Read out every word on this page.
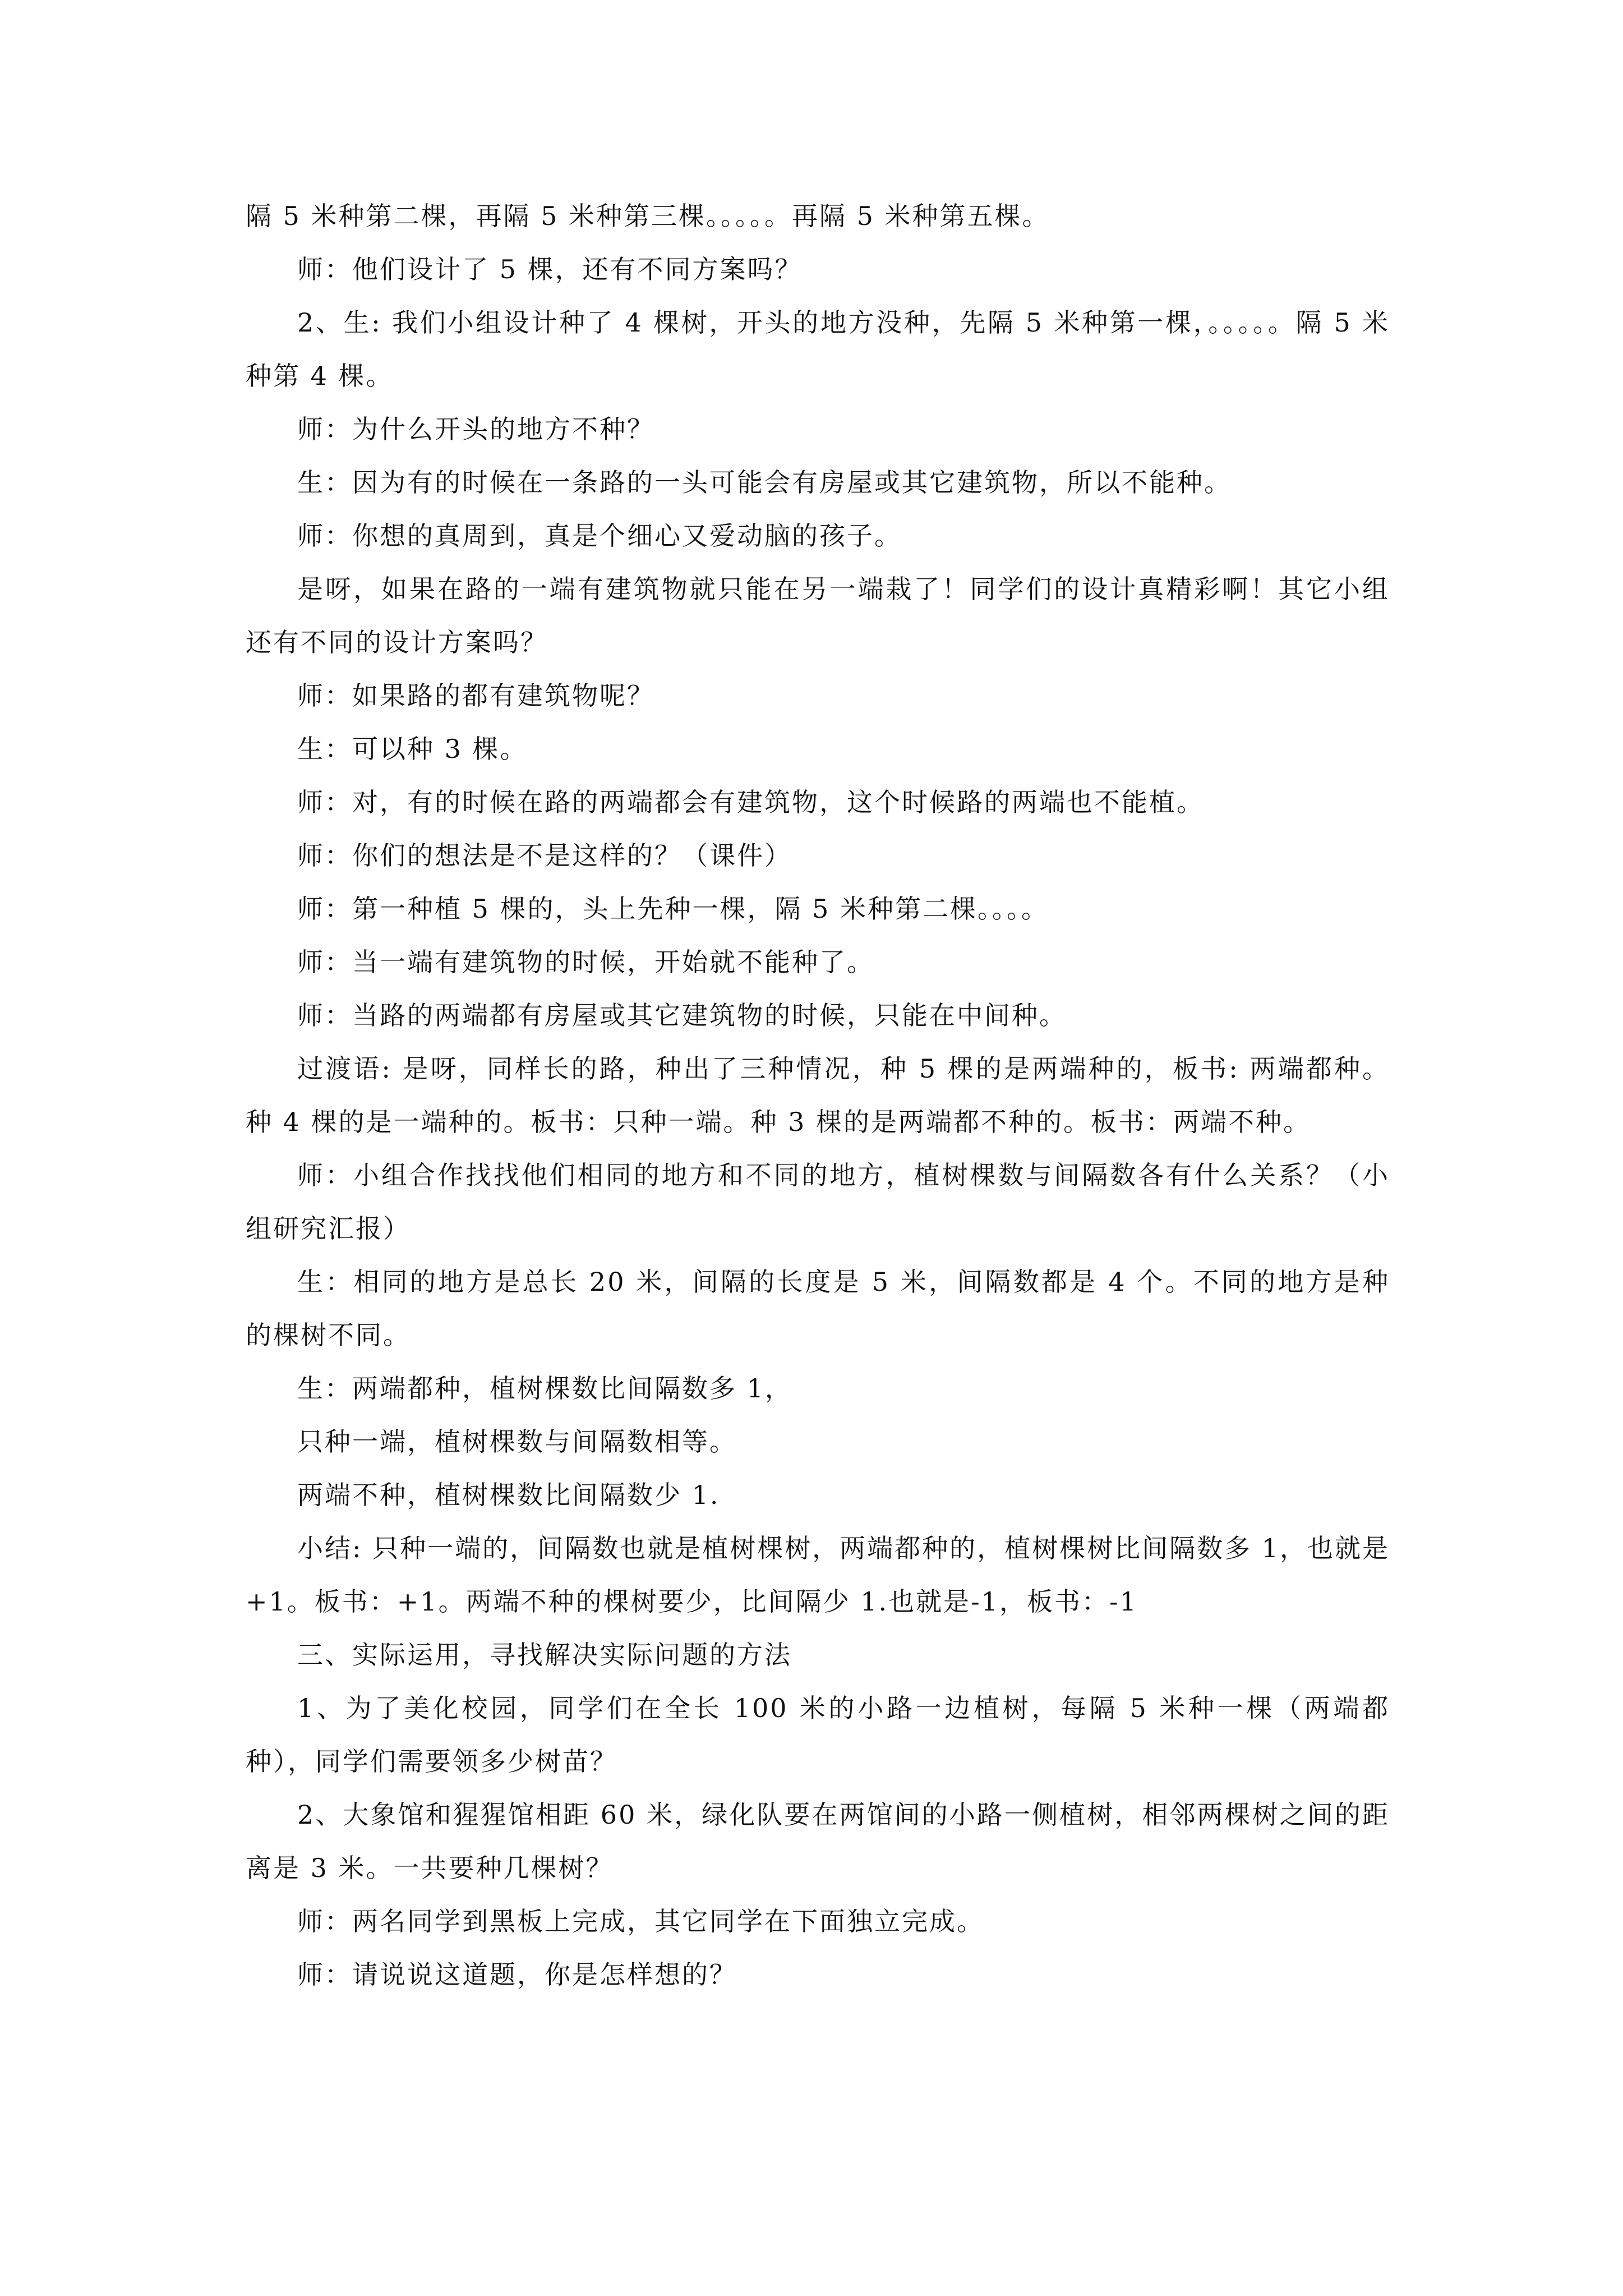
隔 5 米种第二棵，再隔 5 米种第三棵。。。。。再隔 5 米种第五棵。

师：他们设计了 5 棵，还有不同方案吗？

2、生: 我们小组设计种了 4 棵树，开头的地方没种，先隔 5 米种第一棵，。。。。。隔 5 米种第 4 棵。

师：为什么开头的地方不种？

生：因为有的时候在一条路的一头可能会有房屋或其它建筑物，所以不能种。

师：你想的真周到，真是个细心又爱动脑的孩子。

是呀，如果在路的一端有建筑物就只能在另一端栽了！同学们的设计真精彩啊！其它小组还有不同的设计方案吗？

师：如果路的都有建筑物呢？

生：可以种 3 棵。

师：对，有的时候在路的两端都会有建筑物，这个时候路的两端也不能植。

师：你们的想法是不是这样的？（课件）

师：第一种植 5 棵的，头上先种一棵，隔 5 米种第二棵。。。。

师：当一端有建筑物的时候，开始就不能种了。

师：当路的两端都有房屋或其它建筑物的时候，只能在中间种。

过渡语: 是呀，同样长的路，种出了三种情况，种 5 棵的是两端种的，板书: 两端都种。种 4 棵的是一端种的。板书：只种一端。种 3 棵的是两端都不种的。板书：两端不种。

师：小组合作找找他们相同的地方和不同的地方，植树棵数与间隔数各有什么关系？（小组研究汇报）

生：相同的地方是总长 20 米，间隔的长度是 5 米，间隔数都是 4 个。不同的地方是种的棵树不同。

生：两端都种，植树棵数比间隔数多 1，

只种一端，植树棵数与间隔数相等。

两端不种，植树棵数比间隔数少 1.

小结: 只种一端的，间隔数也就是植树棵树，两端都种的，植树棵树比间隔数多 1，也就是+1。板书：+1。两端不种的棵树要少，比间隔少 1.也就是-1，板书：-1

三、实际运用，寻找解决实际问题的方法

1、为了美化校园，同学们在全长 100 米的小路一边植树，每隔 5 米种一棵（两端都种），同学们需要领多少树苗？

2、大象馆和猩猩馆相距 60 米，绿化队要在两馆间的小路一侧植树，相邻两棵树之间的距离是 3 米。一共要种几棵树？

师：两名同学到黑板上完成，其它同学在下面独立完成。

师：请说说这道题，你是怎样想的？
